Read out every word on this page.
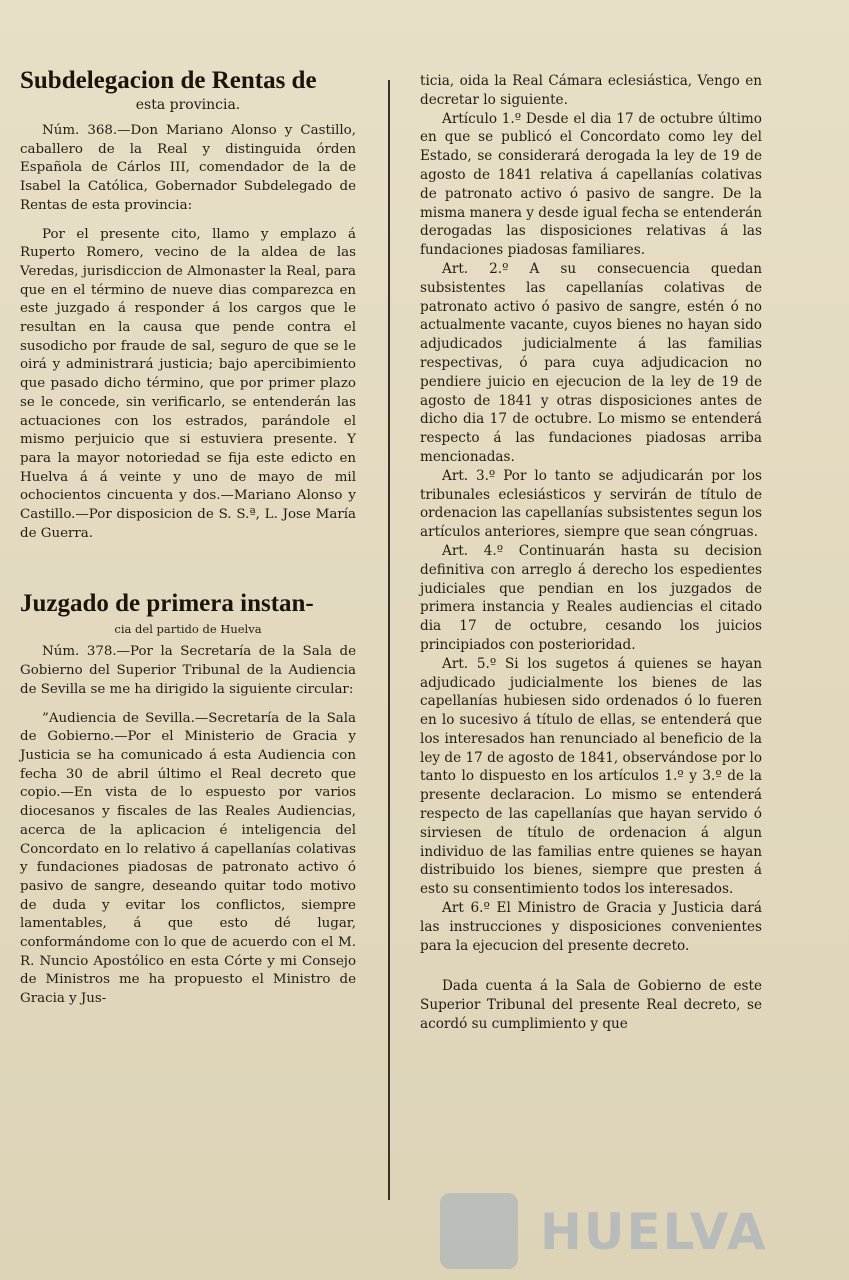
Subdelegacion de Rentas de
esta provincia.

Núm. 368.—Don Mariano Alonso y Castillo, caballero de la Real y distinguida órden Española de Cárlos III, comendador de la de Isabel la Católica, Gobernador Subdelegado de Rentas de esta provincia:

Por el presente cito, llamo y emplazo á Ruperto Romero, vecino de la aldea de las Veredas, jurisdiccion de Almonaster la Real, para que en el término de nueve dias comparezca en este juzgado á responder á los cargos que le resultan en la causa que pende contra el susodicho por fraude de sal, seguro de que se le oirá y administrará justicia; bajo apercibimiento que pasado dicho término, que por primer plazo se le concede, sin verificarlo, se entenderán las actuaciones con los estrados, parándole el mismo perjuicio que si estuviera presente. Y para la mayor notoriedad se fija este edicto en Huelva á á veinte y uno de mayo de mil ochocientos cincuenta y dos.—Mariano Alonso y Castillo.—Por disposicion de S. S.ª, L. Jose María de Guerra.

Juzgado de primera instan-
cia del partido de Huelva

Núm. 378.—Por la Secretaría de la Sala de Gobierno del Superior Tribunal de la Audiencia de Sevilla se me ha dirigido la siguiente circular:

”Audiencia de Sevilla.—Secretaría de la Sala de Gobierno.—Por el Ministerio de Gracia y Justicia se ha comunicado á esta Audiencia con fecha 30 de abril último el Real decreto que copio.—En vista de lo espuesto por varios diocesanos y fiscales de las Reales Audiencias, acerca de la aplicacion é inteligencia del Concordato en lo relativo á capellanías colativas y fundaciones piadosas de patronato activo ó pasivo de sangre, deseando quitar todo motivo de duda y evitar los conflictos, siempre lamentables, á que esto dé lugar, conformándome con lo que de acuerdo con el M. R. Nuncio Apostólico en esta Córte y mi Consejo de Ministros me ha propuesto el Ministro de Gracia y Jus-

ticia, oida la Real Cámara eclesiástica, Vengo en decretar lo siguiente.

Artículo 1.º Desde el dia 17 de octubre último en que se publicó el Concordato como ley del Estado, se considerará derogada la ley de 19 de agosto de 1841 relativa á capellanías colativas de patronato activo ó pasivo de sangre. De la misma manera y desde igual fecha se entenderán derogadas las disposiciones relativas á las fundaciones piadosas familiares.

Art. 2.º A su consecuencia quedan subsistentes las capellanías colativas de patronato activo ó pasivo de sangre, estén ó no actualmente vacante, cuyos bienes no hayan sido adjudicados judicialmente á las familias respectivas, ó para cuya adjudicacion no pendiere juicio en ejecucion de la ley de 19 de agosto de 1841 y otras disposiciones antes de dicho dia 17 de octubre. Lo mismo se entenderá respecto á las fundaciones piadosas arriba mencionadas.

Art. 3.º Por lo tanto se adjudicarán por los tribunales eclesiásticos y servirán de título de ordenacion las capellanías subsistentes segun los artículos anteriores, siempre que sean cóngruas.

Art. 4.º Continuarán hasta su decision definitiva con arreglo á derecho los espedientes judiciales que pendian en los juzgados de primera instancia y Reales audiencias el citado dia 17 de octubre, cesando los juicios principiados con posterioridad.

Art. 5.º Si los sugetos á quienes se hayan adjudicado judicialmente los bienes de las capellanías hubiesen sido ordenados ó lo fueren en lo sucesivo á título de ellas, se entenderá que los interesados han renunciado al beneficio de la ley de 17 de agosto de 1841, observándose por lo tanto lo dispuesto en los artículos 1.º y 3.º de la presente declaracion. Lo mismo se entenderá respecto de las capellanías que hayan servido ó sirviesen de título de ordenacion á algun individuo de las familias entre quienes se hayan distribuido los bienes, siempre que presten á esto su consentimiento todos los interesados.

Art 6.º El Ministro de Gracia y Justicia dará las instrucciones y disposiciones convenientes para la ejecucion del presente decreto.

Dada cuenta á la Sala de Gobierno de este Superior Tribunal del presente Real decreto, se acordó su cumplimiento y que

HUELVA
